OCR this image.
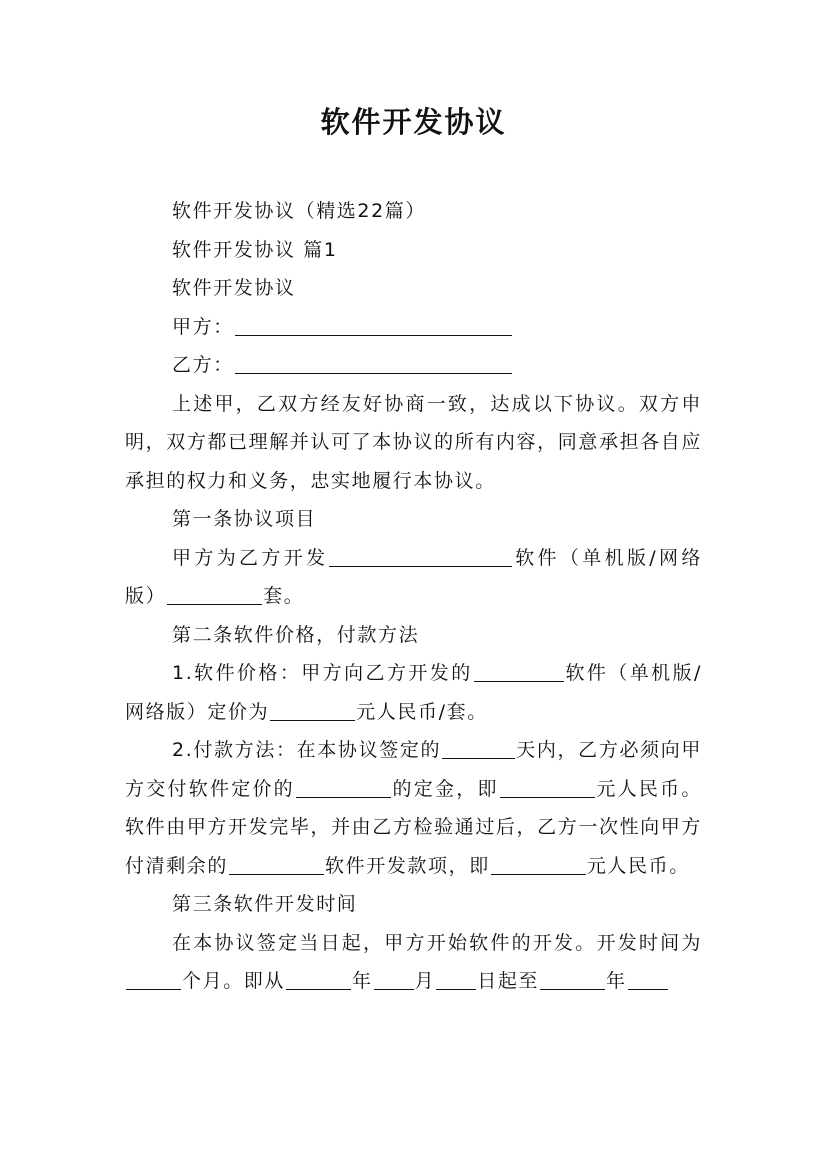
软件开发协议

软件开发协议（精选22篇）

软件开发协议 篇1

软件开发协议

甲方：

乙方：

上述甲，乙双方经友好协商一致，达成以下协议。双方申明，双方都已理解并认可了本协议的所有内容，同意承担各自应承担的权力和义务，忠实地履行本协议。

第一条协议项目

甲方为乙方开发	软件（单机版/网络版）	套。

第二条软件价格，付款方法

1.软件价格：甲方向乙方开发的	软件（单机版/网络版）定价为	元人民币/套。

2.付款方法：在本协议签定的	天内，乙方必须向甲方交付软件定价的	的定金，即	元人民币。软件由甲方开发完毕，并由乙方检验通过后，乙方一次性向甲方付清剩余的	软件开发款项，即	元人民币。

第三条软件开发时间

在本协议签定当日起，甲方开始软件的开发。开发时间为个月。即从	年 月 日起至	年
